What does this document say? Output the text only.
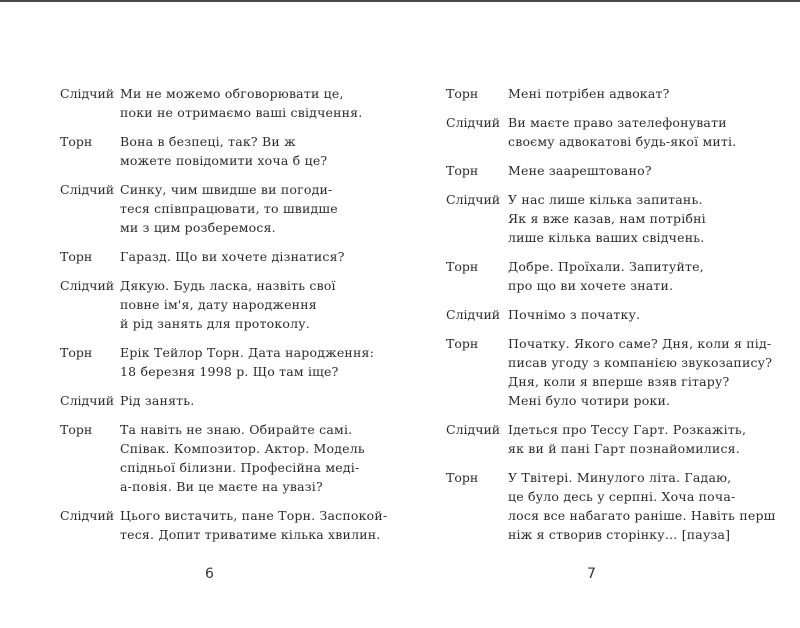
Слідчий Ми не можемо обговорювати це,
поки не отримаємо ваші свідчення.
Торн	Вона в безпеці, так? Ви ж
можете повідомити хоча б це?
Слідчий Синку, чим швидше ви погоди-
теся співпрацювати, то швидше
ми з цим розберемося.
Торн	Гаразд. Що ви хочете дізнатися?
Слідчий Дякую. Будь ласка, назвіть свої
повне ім'я, дату народження
й рід занять для протоколу.
Торн	Ерік Тейлор Торн. Дата народження:
18 березня 1998 р. Що там іще?
Слідчий Рід занять.
Торн	Та навіть не знаю. Обирайте самі.
Співак. Композитор. Актор. Модель
спідньої білизни. Професійна меді-
а-повія. Ви це маєте на увазі?
Слідчий Цього вистачить, пане Торн. Заспокой-
теся. Допит триватиме кілька хвилин.
Торн	Мені потрібен адвокат?
Слідчий Ви маєте право зателефонувати
своєму адвокатові будь-якої миті.
Торн	Мене заарештовано?
Слідчий У нас лише кілька запитань.
Як я вже казав, нам потрібні
лише кілька ваших свідчень.
Торн	Добре. Проїхали. Запитуйте,
про що ви хочете знати.
Слідчий Почнімо з початку.
Торн	Початку. Якого саме? Дня, коли я під-
писав угоду з компанією звукозапису?
Дня, коли я вперше взяв гітару?
Мені було чотири роки.
Слідчий Ідеться про Тессу Гарт. Розкажіть,
як ви й пані Гарт познайомилися.
Торн	У Твітері. Минулого літа. Гадаю,
це було десь у серпні. Хоча поча-
лося все набагато раніше. Навіть перш
ніж я створив сторінку… [пауза]
6	7
